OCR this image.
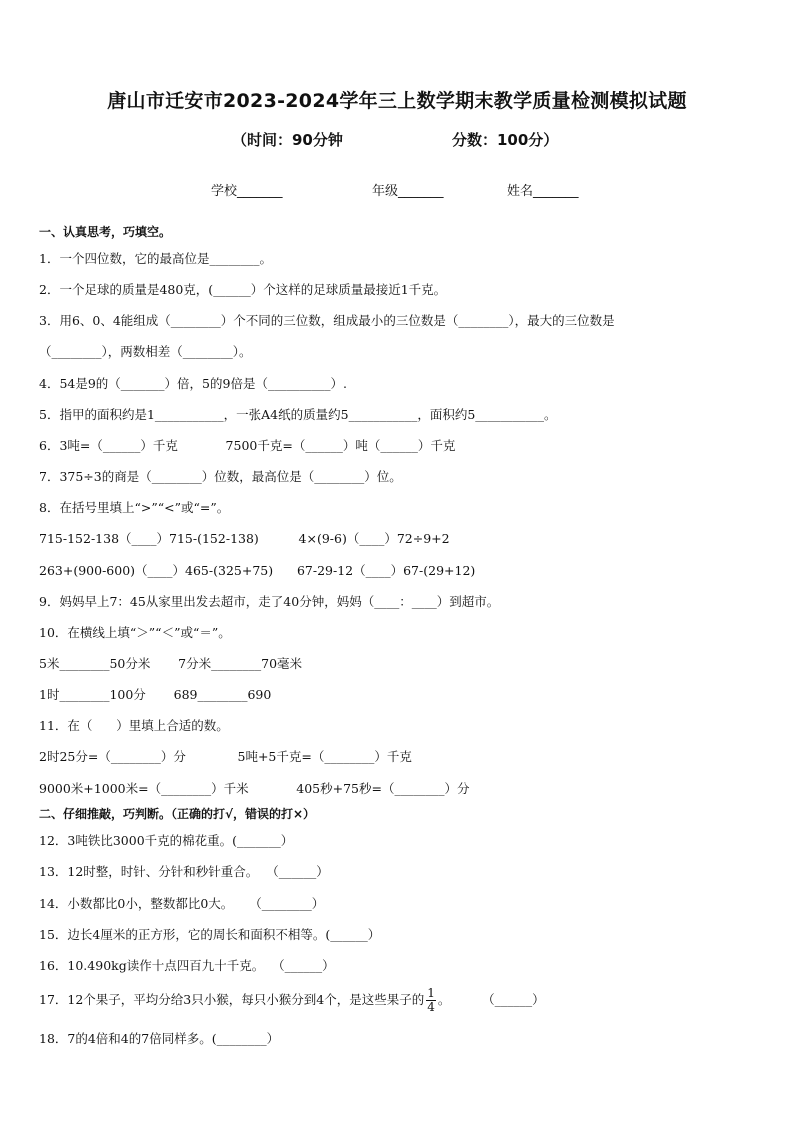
唐山市迁安市2023-2024学年三上数学期末教学质量检测模拟试题
（时间：90分钟	分数：100分）
学校_______	年级_______	姓名_______
一、认真思考，巧填空。
1．一个四位数，它的最高位是________。
2．一个足球的质量是480克，(______）个这样的足球质量最接近1千克。
3．用6、0、4能组成（________）个不同的三位数，组成最小的三位数是（________），最大的三位数是
（________），两数相差（________）。
4．54是9的（_______）倍，5的9倍是（__________）.
5．指甲的面积约是1___________，一张A4纸的质量约5___________，面积约5___________。
6．3吨=（______）千克            7500千克=（______）吨（______）千克
7．375÷3的商是（________）位数，最高位是（________）位。
8．在括号里填上“>”“<”或“=”。
715-152-138（____）715-(152-138)          4×(9-6)（____）72÷9+2
263+(900-600)（____）465-(325+75)      67-29-12（____）67-(29+12)
9．妈妈早上7：45从家里出发去超市，走了40分钟，妈妈（____：____）到超市。
10．在横线上填“＞”“＜”或“＝”。
5米________50分米       7分米________70毫米
1时________100分       689________690
11．在（      ）里填上合适的数。
2时25分=（________）分             5吨+5千克=（________）千克
9000米+1000米=（________）千米            405秒+75秒=（________）分
二、仔细推敲，巧判断。（正确的打√，错误的打×）
12．3吨铁比3000千克的棉花重。(_______）
13．12时整，时针、分针和秒针重合。  （______）
14．小数都比0小，整数都比0大。    （________）
15．边长4厘米的正方形，它的周长和面积不相等。(______）
16．10.490kg读作十点四百九十千克。  （______）
17．12个果子，平均分给3只小猴，每只小猴分到4个，是这些果子的 $\frac{1}{4}$ 。        （______）
18．7的4倍和4的7倍同样多。(________）
